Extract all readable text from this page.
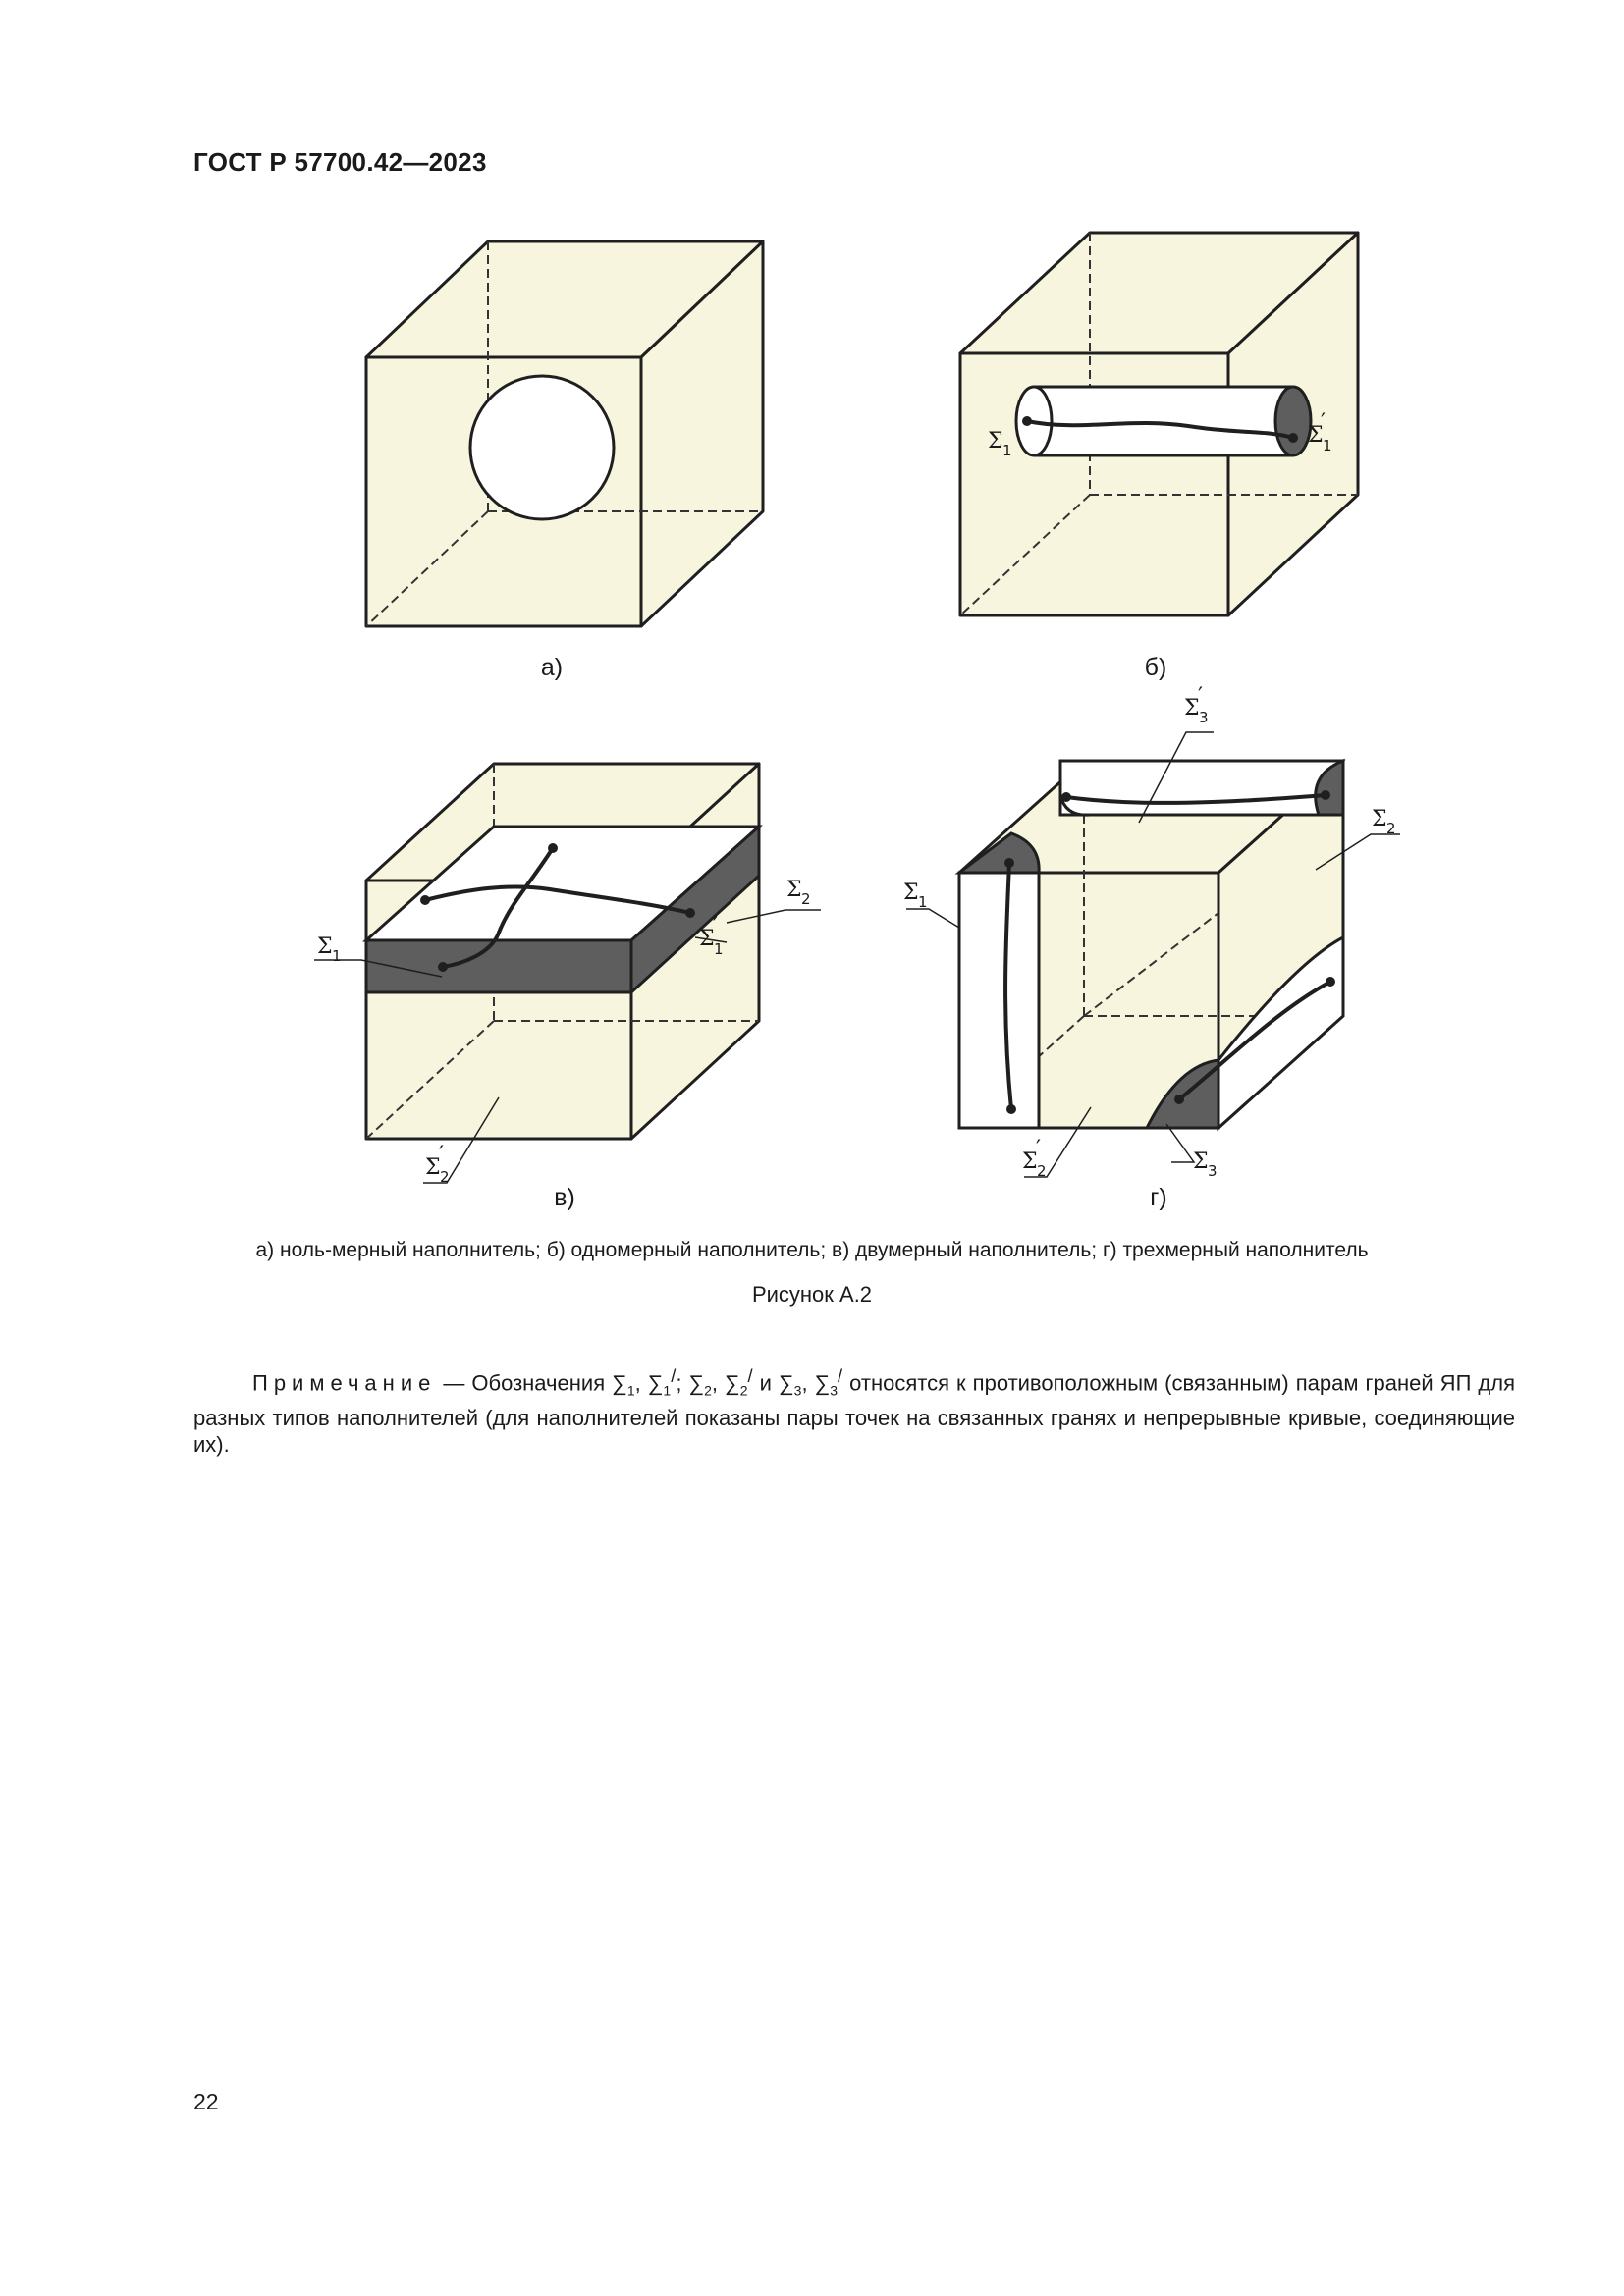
ГОСТ Р 57700.42—2023
а)
Σ 1
Σ 1
′
б)
Σ 1
Σ 2
Σ 1
′
Σ 2
′
в)
Σ 3
′
Σ 2
Σ 1
Σ 2
′
Σ 3
г)
а) ноль-мерный наполнитель; б) одномерный наполнитель; в) двумерный наполнитель; г) трехмерный наполнитель
Рисунок А.2
Примечание — Обозначения $\sum_1$, $\sum_1^/$; $\sum_2$, $\sum_2^/$ и $\sum_3$, $\sum_3^/$ относятся к противоположным (связанным) парам граней ЯП для разных типов наполнителей (для наполнителей показаны пары точек на связанных гранях и непрерывные кривые, соединяющие их).
22
